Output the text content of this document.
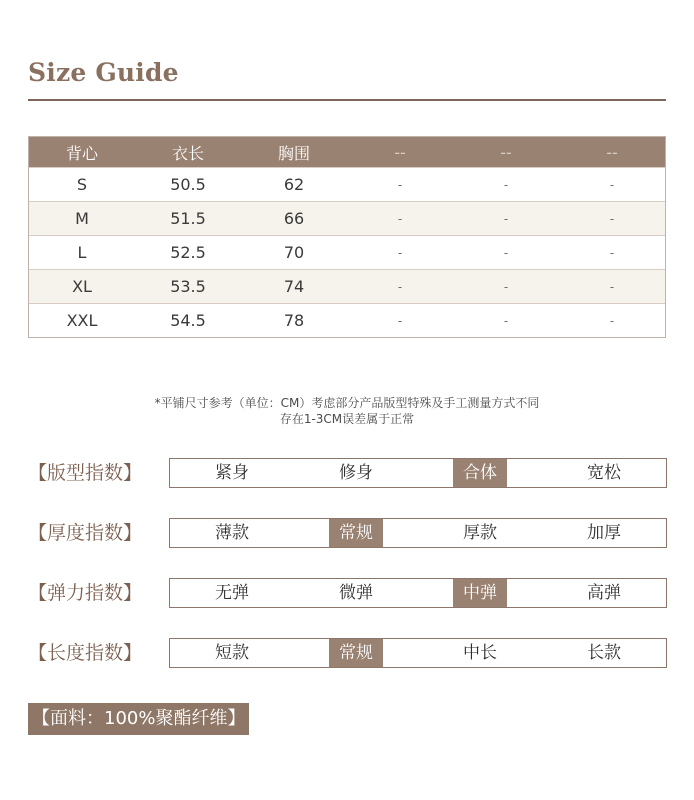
Size Guide
背心	衣长	胸围	--	--	--
S	50.5	62	-	-	-
M	51.5	66	-	-	-
L	52.5	70	-	-	-
XL	53.5	74	-	-	-
XXL	54.5	78	-	-	-
*平铺尺寸参考（单位：CM）考虑部分产品版型特殊及手工测量方式不同
存在1-3CM误差属于正常
【版型指数】	紧身	修身	合体	宽松
【厚度指数】	薄款	常规	厚款	加厚
【弹力指数】	无弹	微弹	中弹	高弹
【长度指数】	短款	常规	中长	长款
【面料：100%聚酯纤维】
